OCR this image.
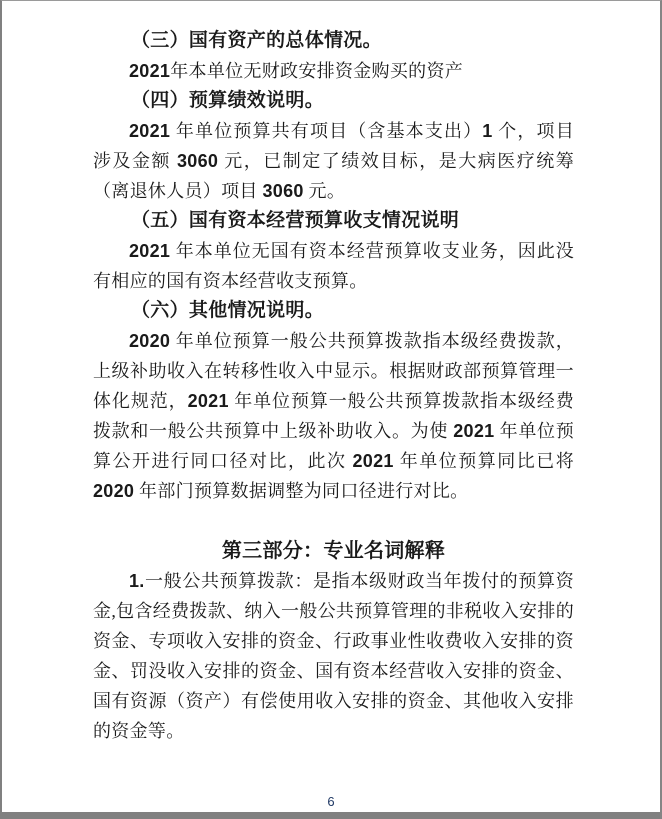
（三）国有资产的总体情况。
2021年本单位无财政安排资金购买的资产
（四）预算绩效说明。
2021 年单位预算共有项目（含基本支出）1 个，项目涉及金额 3060 元，已制定了绩效目标，是大病医疗统筹（离退休人员）项目 3060 元。
（五）国有资本经营预算收支情况说明
2021 年本单位无国有资本经营预算收支业务，因此没有相应的国有资本经营收支预算。
（六）其他情况说明。
2020 年单位预算一般公共预算拨款指本级经费拨款，上级补助收入在转移性收入中显示。根据财政部预算管理一体化规范，2021 年单位预算一般公共预算拨款指本级经费拨款和一般公共预算中上级补助收入。为使 2021 年单位预算公开进行同口径对比，此次 2021 年单位预算同比已将 2020 年部门预算数据调整为同口径进行对比。
第三部分：专业名词解释
1.一般公共预算拨款：是指本级财政当年拨付的预算资金,包含经费拨款、纳入一般公共预算管理的非税收入安排的资金、专项收入安排的资金、行政事业性收费收入安排的资金、罚没收入安排的资金、国有资本经营收入安排的资金、国有资源（资产）有偿使用收入安排的资金、其他收入安排的资金等。
6
